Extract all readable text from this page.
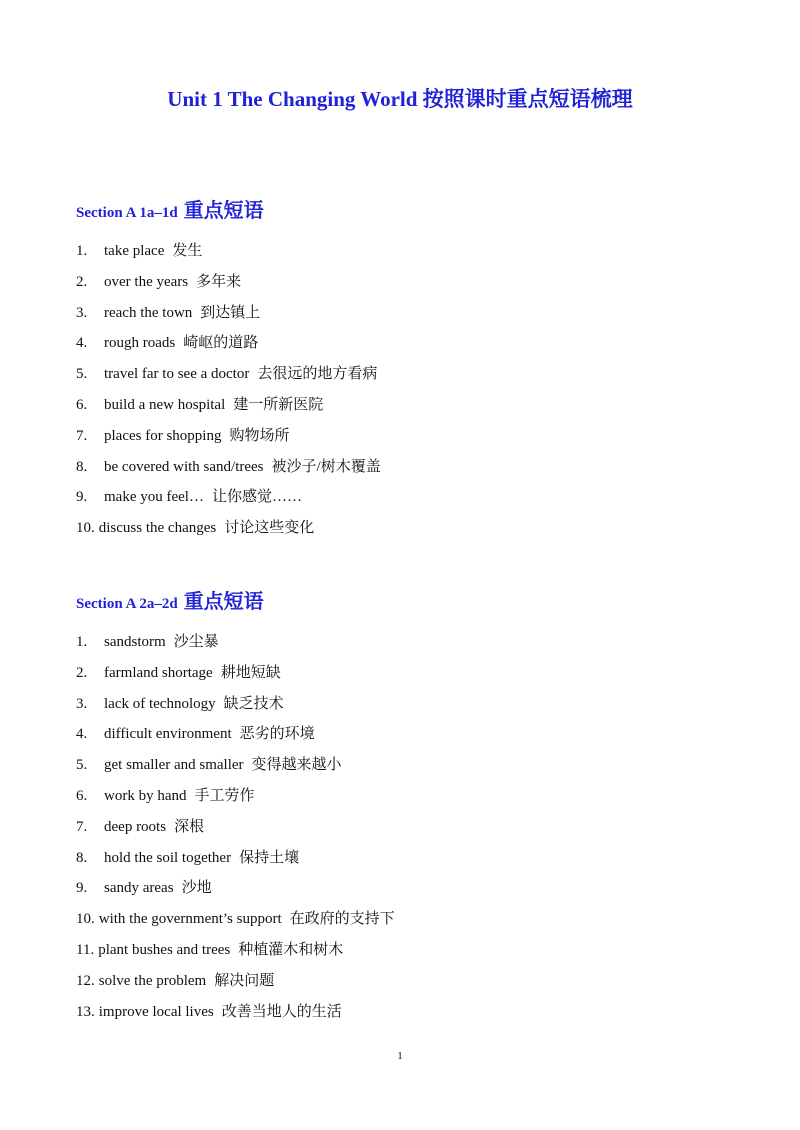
Unit 1 The Changing World 按照课时重点短语梳理
Section A 1a–1d 重点短语
1. take place 发生
2. over the years 多年来
3. reach the town 到达镇上
4. rough roads 崎岖的道路
5. travel far to see a doctor 去很远的地方看病
6. build a new hospital 建一所新医院
7. places for shopping 购物场所
8. be covered with sand/trees 被沙子/树木覆盖
9. make you feel… 让你感觉……
10. discuss the changes 讨论这些变化
Section A 2a–2d 重点短语
1. sandstorm 沙尘暴
2. farmland shortage 耕地短缺
3. lack of technology 缺乏技术
4. difficult environment 恶劣的环境
5. get smaller and smaller 变得越来越小
6. work by hand 手工劳作
7. deep roots 深根
8. hold the soil together 保持土壤
9. sandy areas 沙地
10. with the government’s support 在政府的支持下
11. plant bushes and trees 种植灌木和树木
12. solve the problem 解决问题
13. improve local lives 改善当地人的生活
1
